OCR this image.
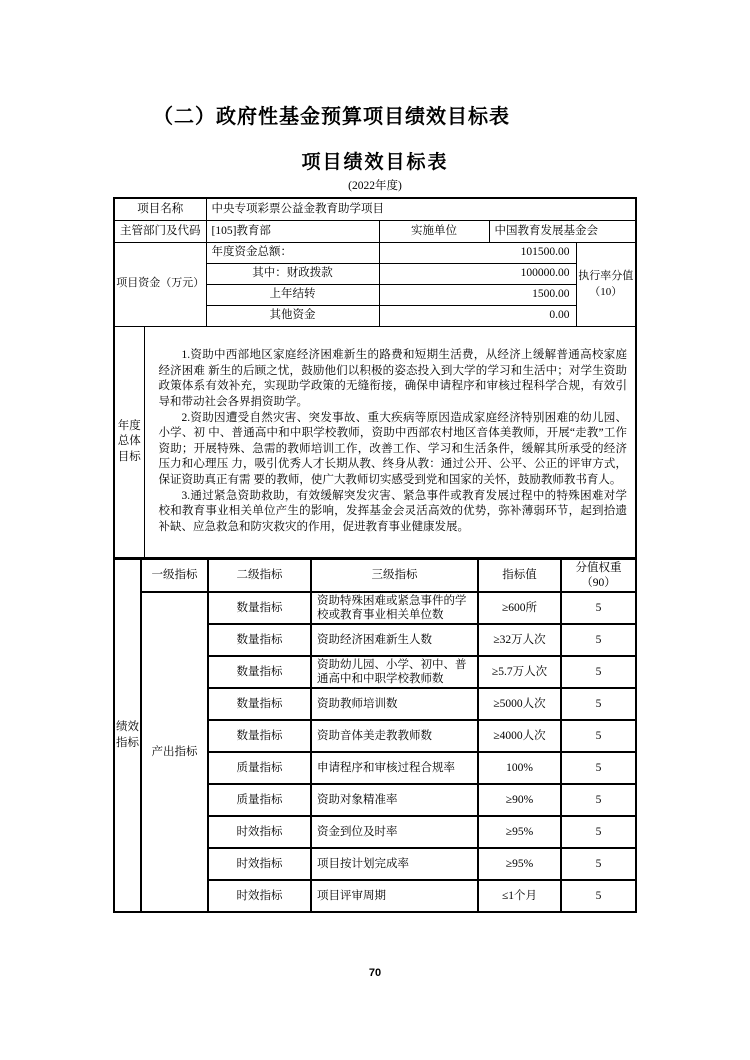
（二）政府性基金预算项目绩效目标表
项目绩效目标表
(2022年度)
项目名称		中央专项彩票公益金教育助学项目			
主管部门及代码		[105]教育部	实施单位	中国教育发展基金会	
项目资金（万元）		年度资金总额：	101500.00		执行率分值
（10）

		其中：财政拨款	100000.00		
		上年结转	1500.00		
		其他资金	0.00		

年度
总体
目标

1.资助中西部地区家庭经济困难新生的路费和短期生活费，从经济上缓解普通高校家庭经济困难 新生的后顾之忧，鼓励他们以积极的姿态投入到大学的学习和生活中；对学生资助政策体系有效补充，实现助学政策的无缝衔接，确保申请程序和审核过程科学合规，有效引导和带动社会各界捐资助学。

2.资助因遭受自然灾害、突发事故、重大疾病等原因造成家庭经济特别困难的幼儿园、小学、初 中、普通高中和中职学校教师，资助中西部农村地区音体美教师，开展“走教”工作资助；开展特殊、急需的教师培训工作，改善工作、学习和生活条件，缓解其所承受的经济压力和心理压 力，吸引优秀人才长期从教、终身从教：通过公开、公平、公正的评审方式，保证资助真正有需 要的教师，使广大教师切实感受到党和国家的关怀，鼓励教师教书育人。

3.通过紧急资助救助，有效缓解突发灾害、紧急事件或教育发展过程中的特殊困难对学校和教育事业相关单位产生的影响，发挥基金会灵活高效的优势，弥补薄弱环节，起到拾遗补缺、应急救急和防灾救灾的作用，促进教育事业健康发展。

绩效
指标	一级指标	二级指标	三级指标	指标值	分值权重
（90）

	产出指标	数量指标	资助特殊困难或紧急事件的学校或教育事业相关单位数	≥600所	5
		数量指标	资助经济困难新生人数	≥32万人次	5
		数量指标	资助幼儿园、小学、初中、普通高中和中职学校教师数	≥5.7万人次	5
		数量指标	资助教师培训数	≥5000人次	5
		数量指标	资助音体美走教教师数	≥4000人次	5
		质量指标	申请程序和审核过程合规率	100%	5
		质量指标	资助对象精准率	≥90%	5
		时效指标	资金到位及时率	≥95%	5
		时效指标	项目按计划完成率	≥95%	5
		时效指标	项目评审周期	≤1个月	5
70
